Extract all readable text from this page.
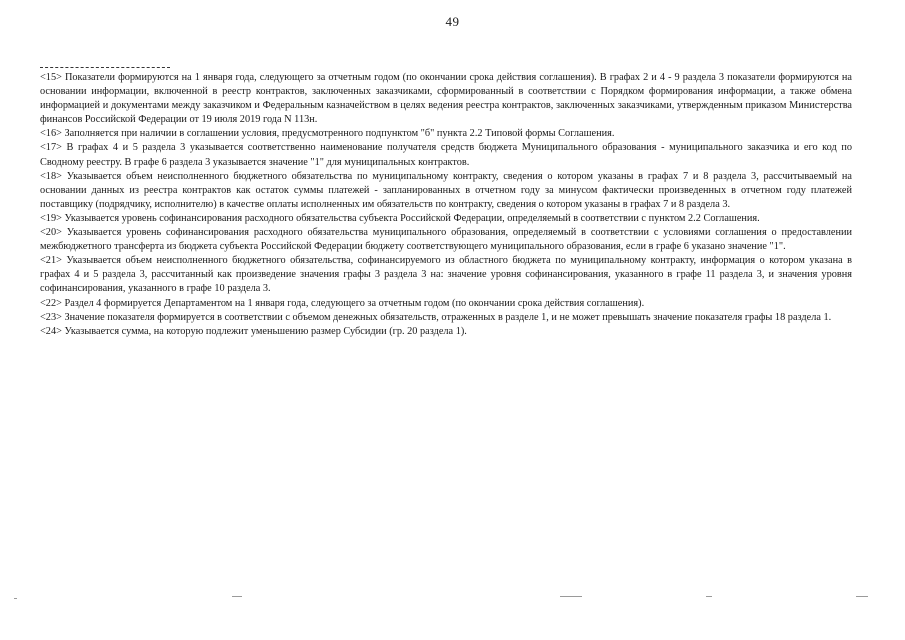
49

<15> Показатели формируются на 1 января года, следующего за отчетным годом (по окончании срока действия соглашения). В графах 2 и 4 - 9 раздела 3 показатели формируются на основании информации, включенной в реестр контрактов, заключенных заказчиками, сформированный в соответствии с Порядком формирования информации, а также обмена информацией и документами между заказчиком и Федеральным казначейством в целях ведения реестра контрактов, заключенных заказчиками, утвержденным приказом Министерства финансов Российской Федерации от 19 июля 2019 года N 113н.

<16> Заполняется при наличии в соглашении условия, предусмотренного подпунктом "б" пункта 2.2 Типовой формы Соглашения.

<17> В графах 4 и 5 раздела 3 указывается соответственно наименование получателя средств бюджета Муниципального образования - муниципального заказчика и его код по Сводному реестру. В графе 6 раздела 3 указывается значение "1" для муниципальных контрактов.

<18> Указывается объем неисполненного бюджетного обязательства по муниципальному контракту, сведения о котором указаны в графах 7 и 8 раздела 3, рассчитываемый на основании данных из реестра контрактов как остаток суммы платежей - запланированных в отчетном году за минусом фактически произведенных в отчетном году платежей поставщику (подрядчику, исполнителю) в качестве оплаты исполненных им обязательств по контракту, сведения о котором указаны в графах 7 и 8 раздела 3.

<19> Указывается уровень софинансирования расходного обязательства субъекта Российской Федерации, определяемый в соответствии с пунктом 2.2 Соглашения.

<20> Указывается уровень софинансирования расходного обязательства муниципального образования, определяемый в соответствии с условиями соглашения о предоставлении межбюджетного трансферта из бюджета субъекта Российской Федерации бюджету соответствующего муниципального образования, если в графе 6 указано значение "1".

<21> Указывается объем неисполненного бюджетного обязательства, софинансируемого из областного бюджета по муниципальному контракту, информация о котором указана в графах 4 и 5 раздела 3, рассчитанный как произведение значения графы 3 раздела 3 на: значение уровня софинансирования, указанного в графе 11 раздела 3, и значения уровня софинансирования, указанного в графе 10 раздела 3.

<22> Раздел 4 формируется Департаментом на 1 января года, следующего за отчетным годом (по окончании срока действия соглашения).

<23> Значение показателя формируется в соответствии с объемом денежных обязательств, отраженных в разделе 1, и не может превышать значение показателя графы 18 раздела 1.

<24> Указывается сумма, на которую подлежит уменьшению размер Субсидии (гр. 20 раздела 1).
